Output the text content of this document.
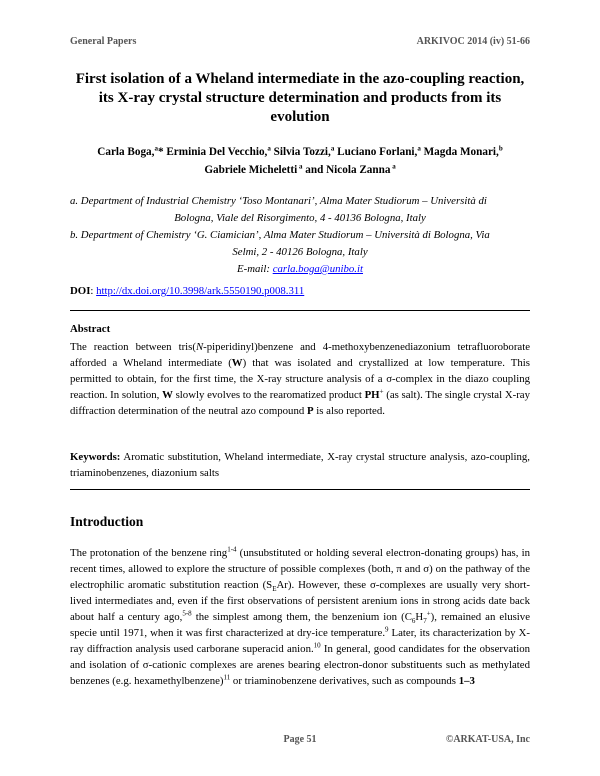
General Papers	ARKIVOC 2014 (iv) 51-66
First isolation of a Wheland intermediate in the azo-coupling reaction, its X-ray crystal structure determination and products from its evolution
Carla Boga,$^a$* Erminia Del Vecchio,$^a$ Silvia Tozzi,$^a$ Luciano Forlani,$^a$ Magda Monari,$^b$
Gabriele Micheletti $^a$ and Nicola Zanna $^a$

a. Department of Industrial Chemistry ‘Toso Montanari’, Alma Mater Studiorum – Università di

Bologna, Viale del Risorgimento, 4 - 40136 Bologna, Italy

b. Department of Chemistry ‘G. Ciamician’, Alma Mater Studiorum – Università di Bologna, Via

Selmi, 2 - 40126 Bologna, Italy

E-mail: carla.boga@unibo.it

DOI: http://dx.doi.org/10.3998/ark.5550190.p008.311
Abstract
The reaction between tris(N-piperidinyl)benzene and 4-methoxybenzenediazonium tetrafluoroborate afforded a Wheland intermediate (W) that was isolated and crystallized at low temperature. This permitted to obtain, for the first time, the X-ray structure analysis of a σ-complex in the diazo coupling reaction. In solution, W slowly evolves to the rearomatized product PH+ (as salt). The single crystal X-ray diffraction determination of the neutral azo compound P is also reported.
Keywords: Aromatic substitution, Wheland intermediate, X-ray crystal structure analysis, azo-coupling, triaminobenzenes, diazonium salts
Introduction
The protonation of the benzene ring$^{1-4}$ (unsubstituted or holding several electron-donating groups) has, in recent times, allowed to explore the structure of possible complexes (both, π and σ) on the pathway of the electrophilic aromatic substitution reaction $(S_EAr)$. However, these σ-complexes are usually very short-lived intermediates and, even if the first observations of persistent arenium ions in strong acids date back about half a century ago,$^{5-8}$ the simplest among them, the benzenium ion $(C_6H_7^+)$, remained an elusive specie until 1971, when it was first characterized at dry-ice temperature.$^9$ Later, its characterization by X-ray diffraction analysis used carborane superacid anion.$^{10}$ In general, good candidates for the observation and isolation of σ-cationic complexes are arenes bearing electron-donor substituents such as methylated benzenes (e.g. hexamethylbenzene)$^{11}$ or triaminobenzene derivatives, such as compounds 1–3
Page 51	©ARKAT-USA, Inc
